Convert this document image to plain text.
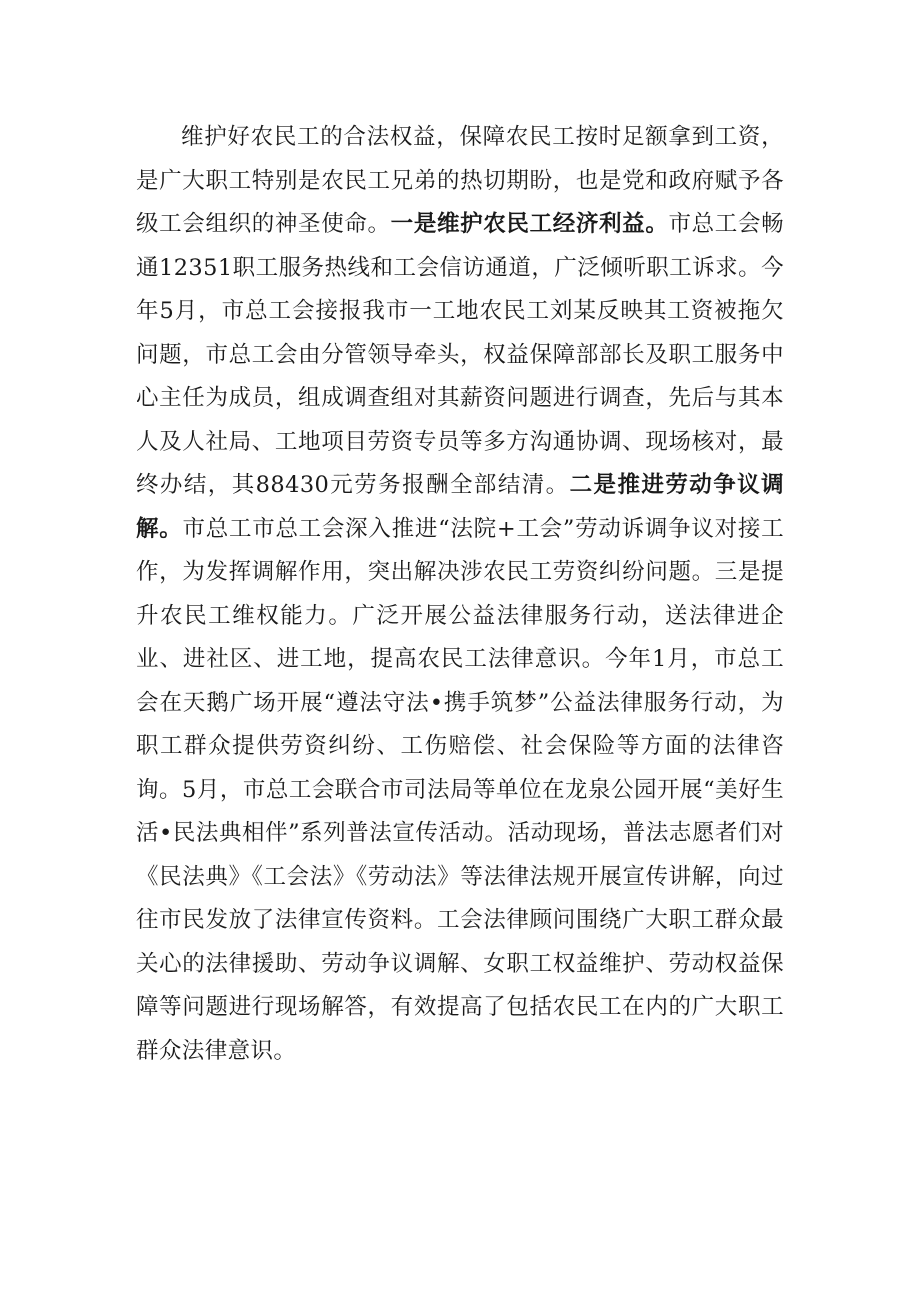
维护好农民工的合法权益，保障农民工按时足额拿到工资，是广大职工特别是农民工兄弟的热切期盼，也是党和政府赋予各级工会组织的神圣使命。一是维护农民工经济利益。市总工会畅通12351职工服务热线和工会信访通道，广泛倾听职工诉求。今年5月，市总工会接报我市一工地农民工刘某反映其工资被拖欠问题，市总工会由分管领导牵头，权益保障部部长及职工服务中心主任为成员，组成调查组对其薪资问题进行调查，先后与其本人及人社局、工地项目劳资专员等多方沟通协调、现场核对，最终办结，其88430元劳务报酬全部结清。二是推进劳动争议调解。市总工市总工会深入推进“法院+工会”劳动诉调争议对接工作，为发挥调解作用，突出解决涉农民工劳资纠纷问题。三是提升农民工维权能力。广泛开展公益法律服务行动，送法律进企业、进社区、进工地，提高农民工法律意识。今年1月，市总工会在天鹅广场开展“遵法守法•携手筑梦”公益法律服务行动，为职工群众提供劳资纠纷、工伤赔偿、社会保险等方面的法律咨询。5月，市总工会联合市司法局等单位在龙泉公园开展“美好生活•民法典相伴”系列普法宣传活动。活动现场，普法志愿者们对《民法典》《工会法》《劳动法》等法律法规开展宣传讲解，向过往市民发放了法律宣传资料。工会法律顾问围绕广大职工群众最关心的法律援助、劳动争议调解、女职工权益维护、劳动权益保障等问题进行现场解答，有效提高了包括农民工在内的广大职工群众法律意识。
